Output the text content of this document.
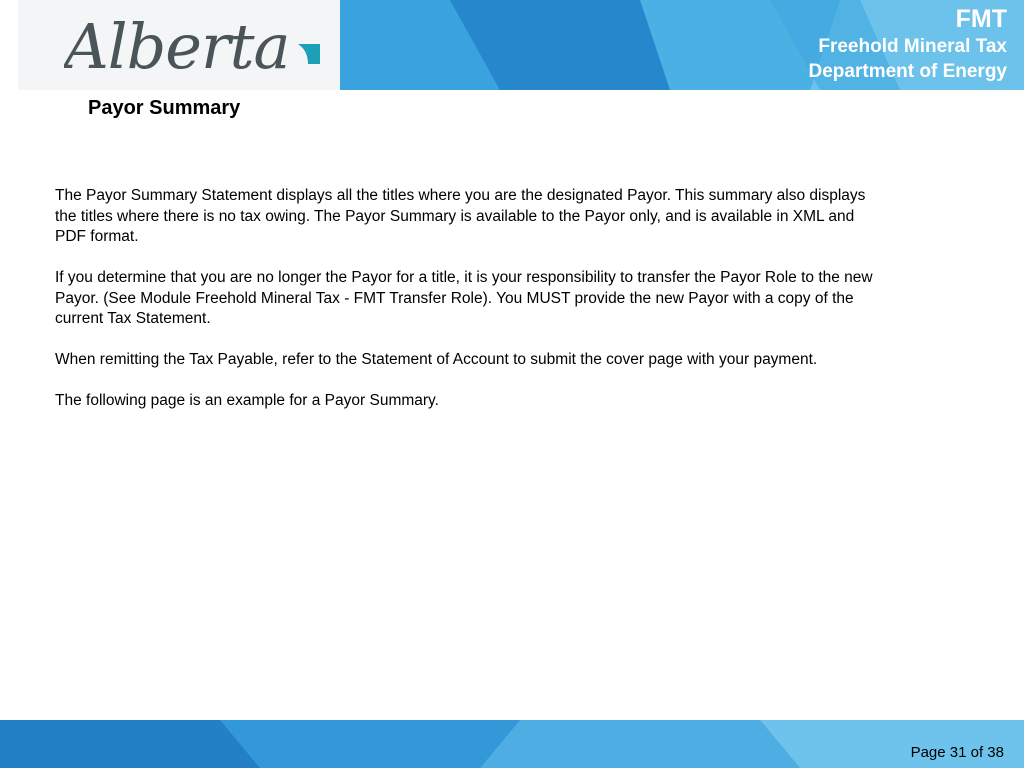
Alberta	FMT
Freehold Mineral Tax
Department of Energy
Payor Summary

The Payor Summary Statement displays all the titles where you are the designated Payor. This summary also displays the titles where there is no tax owing. The Payor Summary is available to the Payor only, and is available in XML and PDF format.

If you determine that you are no longer the Payor for a title, it is your responsibility to transfer the Payor Role to the new Payor. (See Module Freehold Mineral Tax - FMT Transfer Role). You MUST provide the new Payor with a copy of the current Tax Statement.

When remitting the Tax Payable, refer to the Statement of Account to submit the cover page with your payment.

The following page is an example for a Payor Summary.

Page 31 of 38
